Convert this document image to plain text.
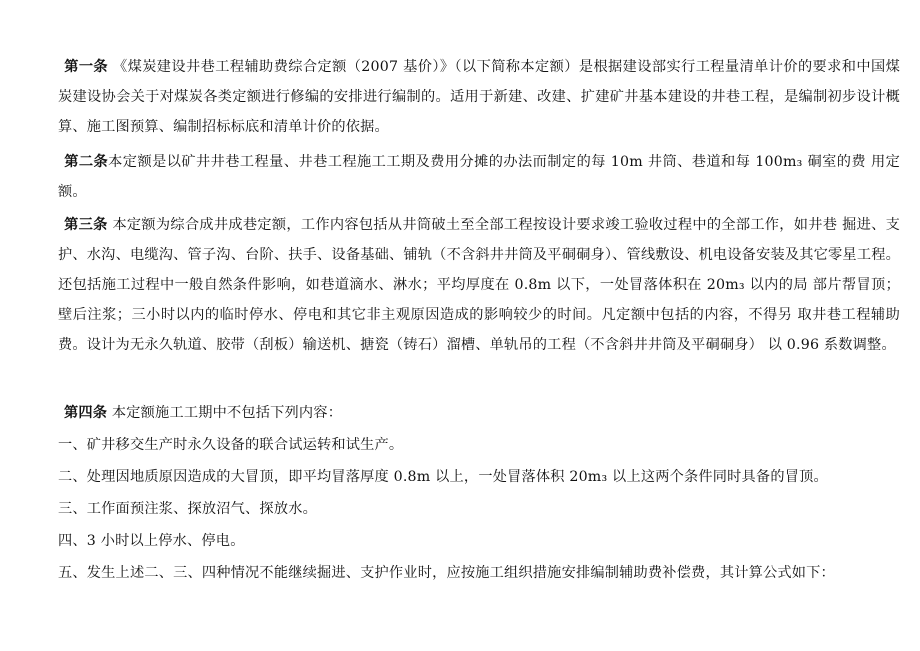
第一条 《煤炭建设井巷工程辅助费综合定额（2007 基价）》（以下简称本定额）是根据建设部实行工程量清单计价的要求和中国煤炭建设协会关于对煤炭各类定额进行修编的安排进行编制的。适用于新建、改建、扩建矿井基本建设的井巷工程，是编制初步设计概算、施工图预算、编制招标标底和清单计价的依据。

第二条本定额是以矿井井巷工程量、井巷工程施工工期及费用分摊的办法而制定的每 10m 井筒、巷道和每 100m₃ 硐室的费 用定额。

第三条 本定额为综合成井成巷定额，工作内容包括从井筒破土至全部工程按设计要求竣工验收过程中的全部工作，如井巷 掘进、支护、水沟、电缆沟、管子沟、台阶、扶手、设备基础、铺轨（不含斜井井筒及平硐硐身）、管线敷设、机电设备安装及其它零星工程。还包括施工过程中一般自然条件影响，如巷道滴水、淋水；平均厚度在 0.8m 以下，一处冒落体积在 20m₃ 以内的局 部片帮冒顶；壁后注浆；三小时以内的临时停水、停电和其它非主观原因造成的影响较少的时间。凡定额中包括的内容，不得另 取井巷工程辅助费。设计为无永久轨道、胶带（刮板）输送机、搪瓷（铸石）溜槽、单轨吊的工程（不含斜井井筒及平硐硐身） 以 0.96 系数调整。

第四条 本定额施工工期中不包括下列内容：

一、矿井移交生产时永久设备的联合试运转和试生产。

二、处理因地质原因造成的大冒顶，即平均冒落厚度 0.8m 以上，一处冒落体积 20m₃ 以上这两个条件同时具备的冒顶。

三、工作面预注浆、探放沼气、探放水。

四、3 小时以上停水、停电。

五、发生上述二、三、四种情况不能继续掘进、支护作业时，应按施工组织措施安排编制辅助费补偿费，其计算公式如下：
